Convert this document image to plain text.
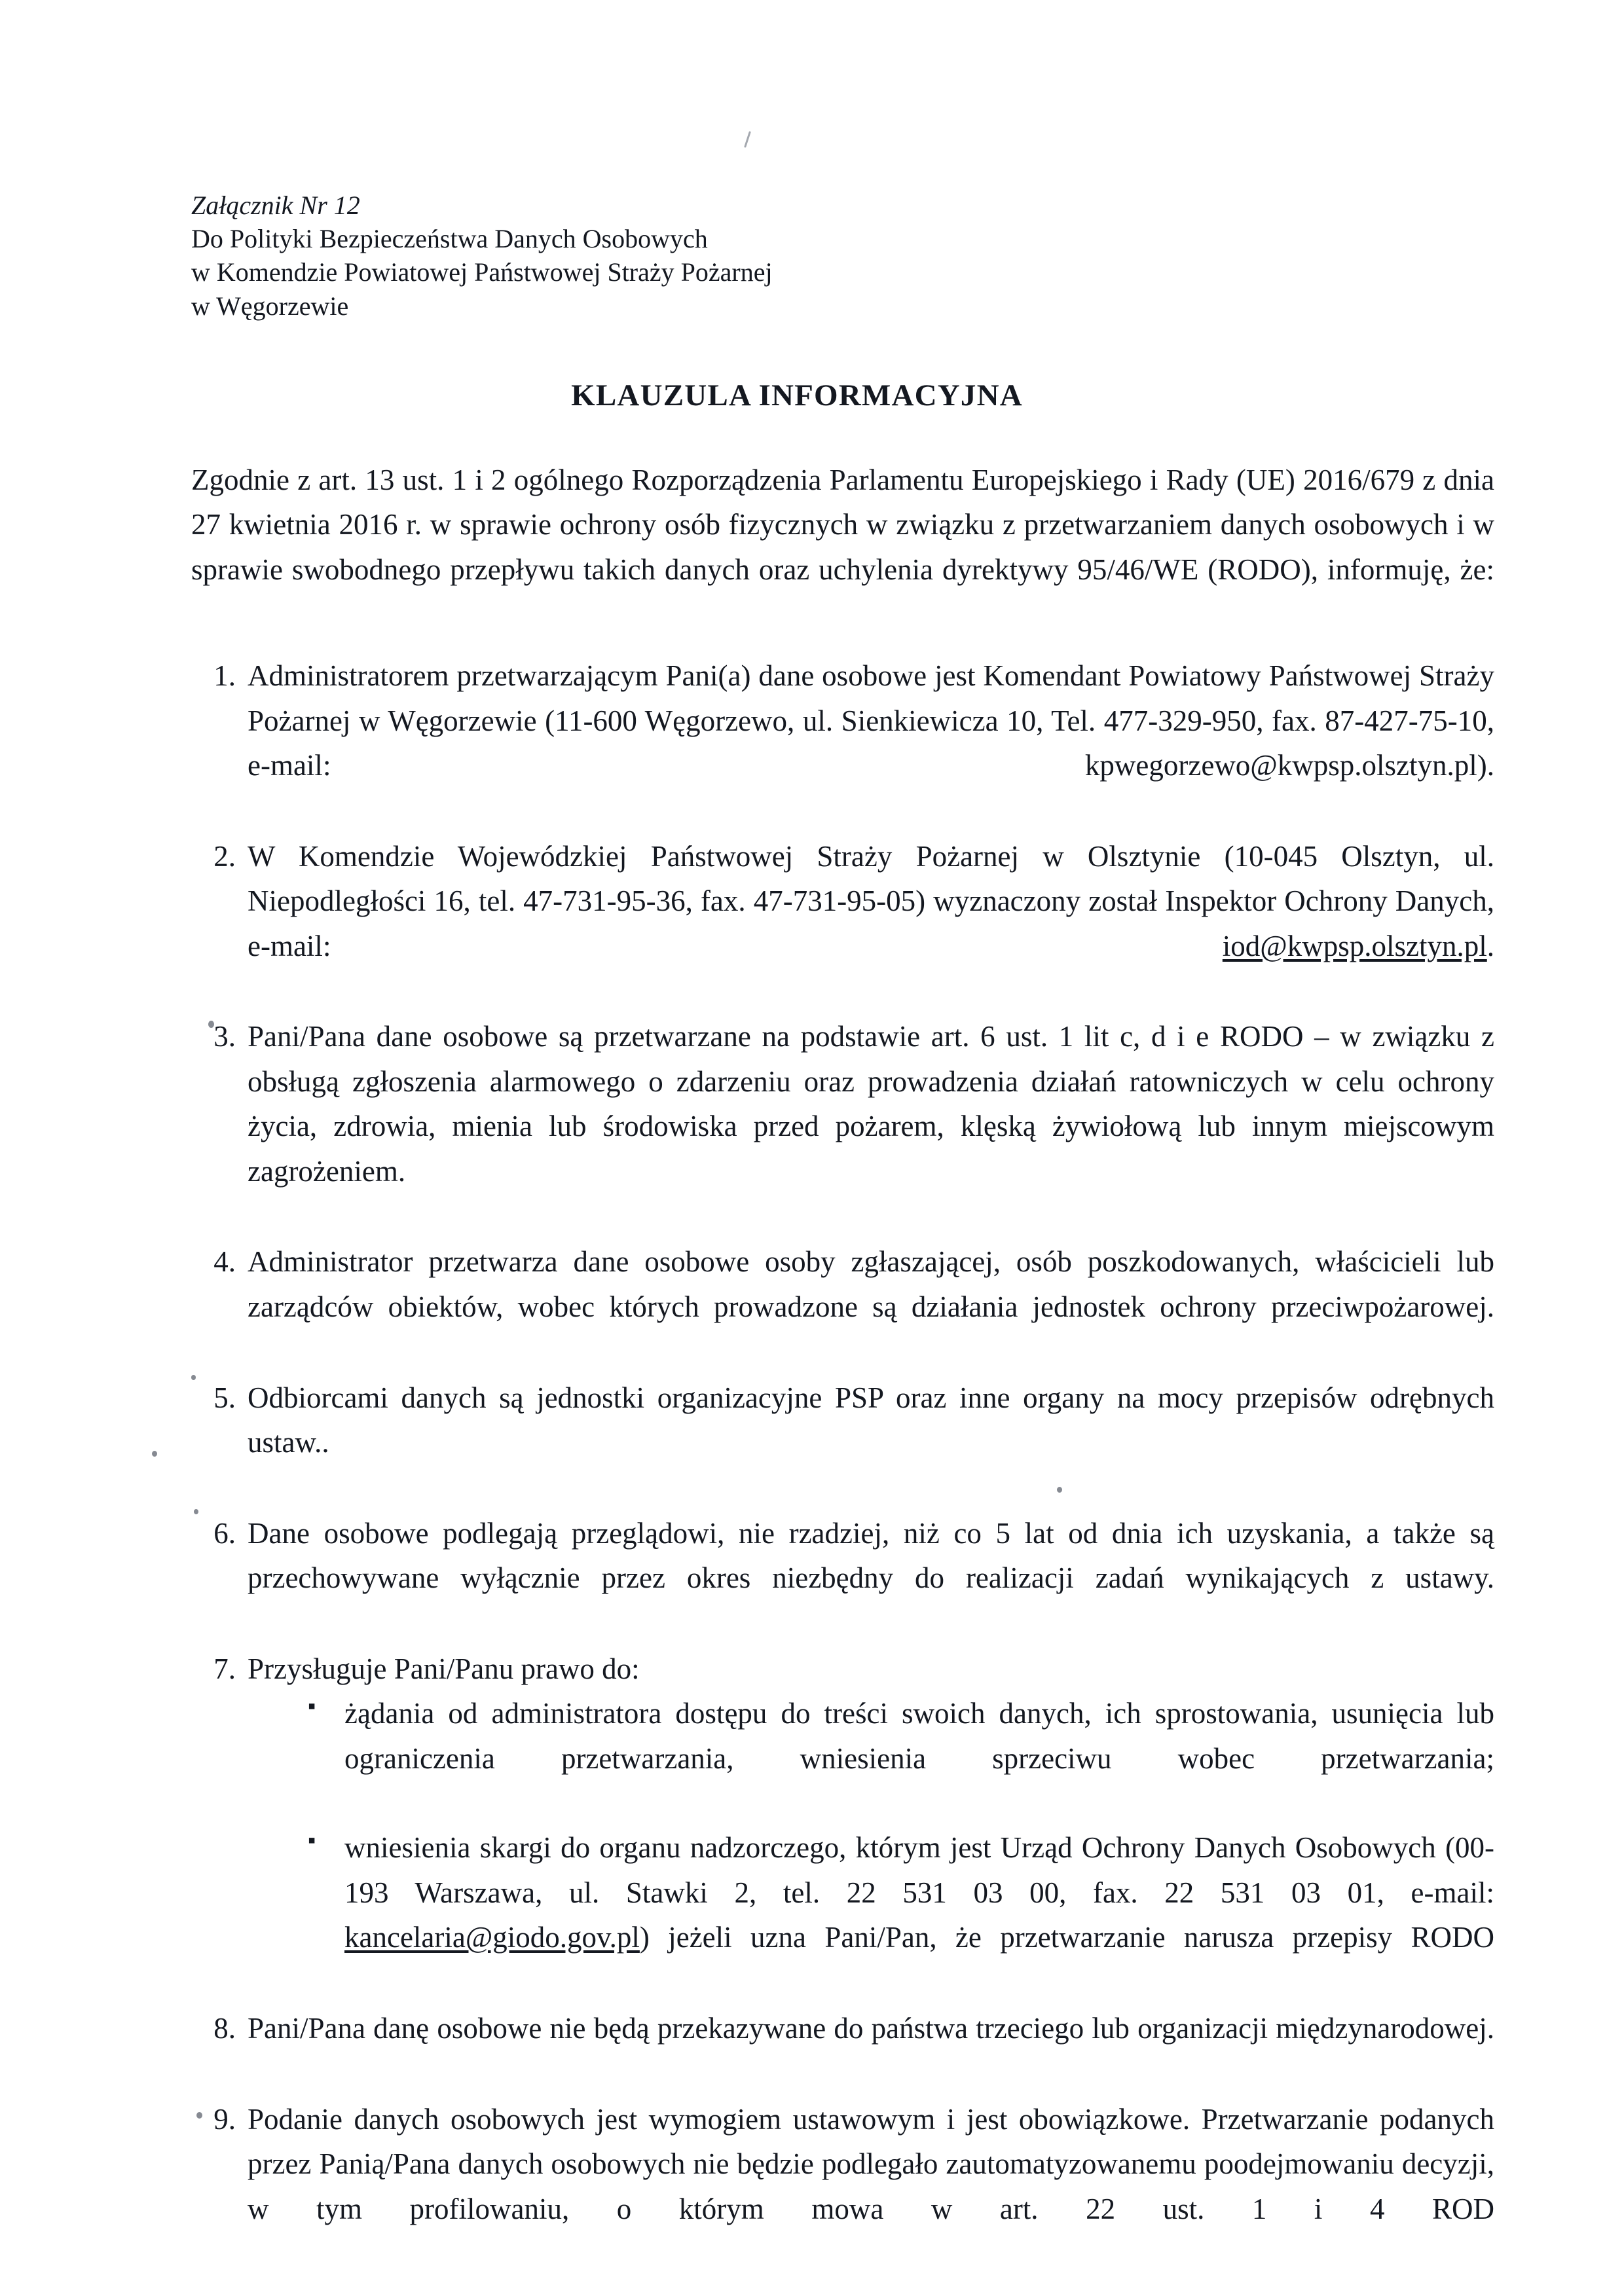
Załącznik Nr 12
Do Polityki Bezpieczeństwa Danych Osobowych
w Komendzie Powiatowej Państwowej Straży Pożarnej
w Węgorzewie
KLAUZULA INFORMACYJNA
Zgodnie z art. 13 ust. 1 i 2 ogólnego Rozporządzenia Parlamentu Europejskiego i Rady (UE) 2016/679 z dnia 27 kwietnia 2016 r. w sprawie ochrony osób fizycznych w związku z przetwarzaniem danych osobowych i w sprawie swobodnego przepływu takich danych oraz uchylenia dyrektywy 95/46/WE (RODO), informuję, że:

Administratorem przetwarzającym Pani(a) dane osobowe jest Komendant Powiatowy Państwowej Straży Pożarnej w Węgorzewie (11-600 Węgorzewo, ul. Sienkiewicza 10, Tel. 477-329-950, fax. 87-427-75-10, e-mail: kpwegorzewo@kwpsp.olsztyn.pl).

W Komendzie Wojewódzkiej Państwowej Straży Pożarnej w Olsztynie (10-045 Olsztyn, ul. Niepodległości 16, tel. 47-731-95-36, fax. 47-731-95-05) wyznaczony został Inspektor Ochrony Danych, e-mail: iod@kwpsp.olsztyn.pl.

Pani/Pana dane osobowe są przetwarzane na podstawie art. 6 ust. 1 lit c, d i e RODO – w związku z obsługą zgłoszenia alarmowego o zdarzeniu oraz prowadzenia działań ratowniczych w celu ochrony życia, zdrowia, mienia lub środowiska przed pożarem, klęską żywiołową lub innym miejscowym zagrożeniem.

Administrator przetwarza dane osobowe osoby zgłaszającej, osób poszkodowanych, właścicieli lub zarządców obiektów, wobec których prowadzone są działania jednostek ochrony przeciwpożarowej.

Odbiorcami danych są jednostki organizacyjne PSP oraz inne organy na mocy przepisów odrębnych ustaw..

Dane osobowe podlegają przeglądowi, nie rzadziej, niż co 5 lat od dnia ich uzyskania, a także są przechowywane wyłącznie przez okres niezbędny do realizacji zadań wynikających z ustawy.

Przysługuje Pani/Panu prawo do:

▪ żądania od administratora dostępu do treści swoich danych, ich sprostowania, usunięcia lub ograniczenia przetwarzania, wniesienia sprzeciwu wobec przetwarzania;

▪ wniesienia skargi do organu nadzorczego, którym jest Urząd Ochrony Danych Osobowych (00-193 Warszawa, ul. Stawki 2, tel. 22 531 03 00, fax. 22 531 03 01, e-mail: kancelaria@giodo.gov.pl) jeżeli uzna Pani/Pan, że przetwarzanie narusza przepisy RODO

Pani/Pana danę osobowe nie będą przekazywane do państwa trzeciego lub organizacji międzynarodowej.

Podanie danych osobowych jest wymogiem ustawowym i jest obowiązkowe. Przetwarzanie podanych przez Panią/Pana danych osobowych nie będzie podlegało zautomatyzowanemu poodejmowaniu decyzji, w tym profilowaniu, o którym mowa w art. 22 ust. 1 i 4 ROD
